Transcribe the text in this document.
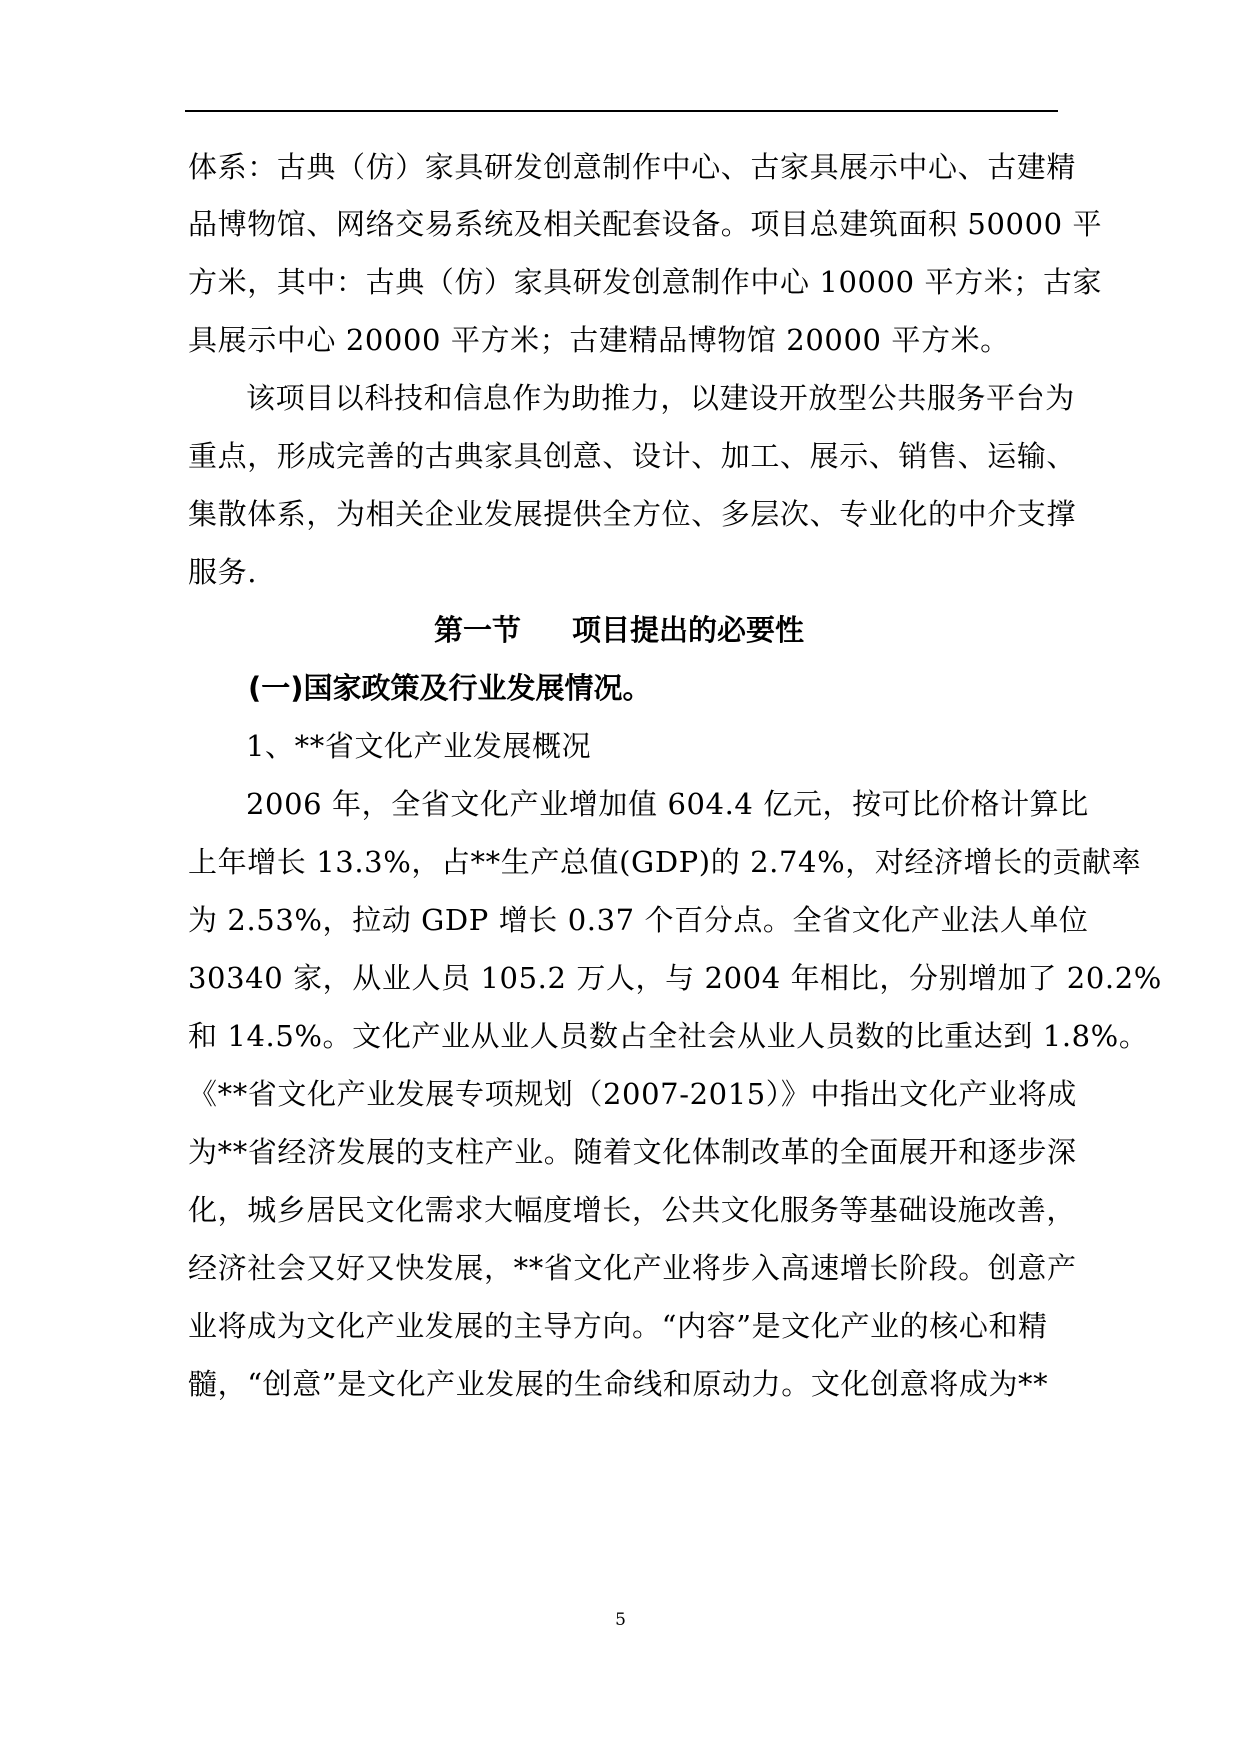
体系：古典（仿）家具研发创意制作中心、古家具展示中心、古建精
品博物馆、网络交易系统及相关配套设备。项目总建筑面积 50000 平
方米，其中：古典（仿）家具研发创意制作中心 10000 平方米；古家
具展示中心 20000 平方米；古建精品博物馆 20000 平方米。
该项目以科技和信息作为助推力，以建设开放型公共服务平台为
重点，形成完善的古典家具创意、设计、加工、展示、销售、运输、
集散体系，为相关企业发展提供全方位、多层次、专业化的中介支撑
服务.
第一节 项目提出的必要性
(一)国家政策及行业发展情况。
1、**省文化产业发展概况
2006 年，全省文化产业增加值 604.4 亿元，按可比价格计算比
上年增长 13.3%，占**生产总值(GDP)的 2.74%，对经济增长的贡献率
为 2.53%，拉动 GDP 增长 0.37 个百分点。全省文化产业法人单位
30340 家，从业人员 105.2 万人，与 2004 年相比，分别增加了 20.2%
和 14.5%。文化产业从业人员数占全社会从业人员数的比重达到 1.8%。
《**省文化产业发展专项规划（2007-2015）》中指出文化产业将成
为**省经济发展的支柱产业。随着文化体制改革的全面展开和逐步深
化，城乡居民文化需求大幅度增长，公共文化服务等基础设施改善，
经济社会又好又快发展，**省文化产业将步入高速增长阶段。创意产
业将成为文化产业发展的主导方向。“内容”是文化产业的核心和精
髓，“创意”是文化产业发展的生命线和原动力。文化创意将成为**
5
